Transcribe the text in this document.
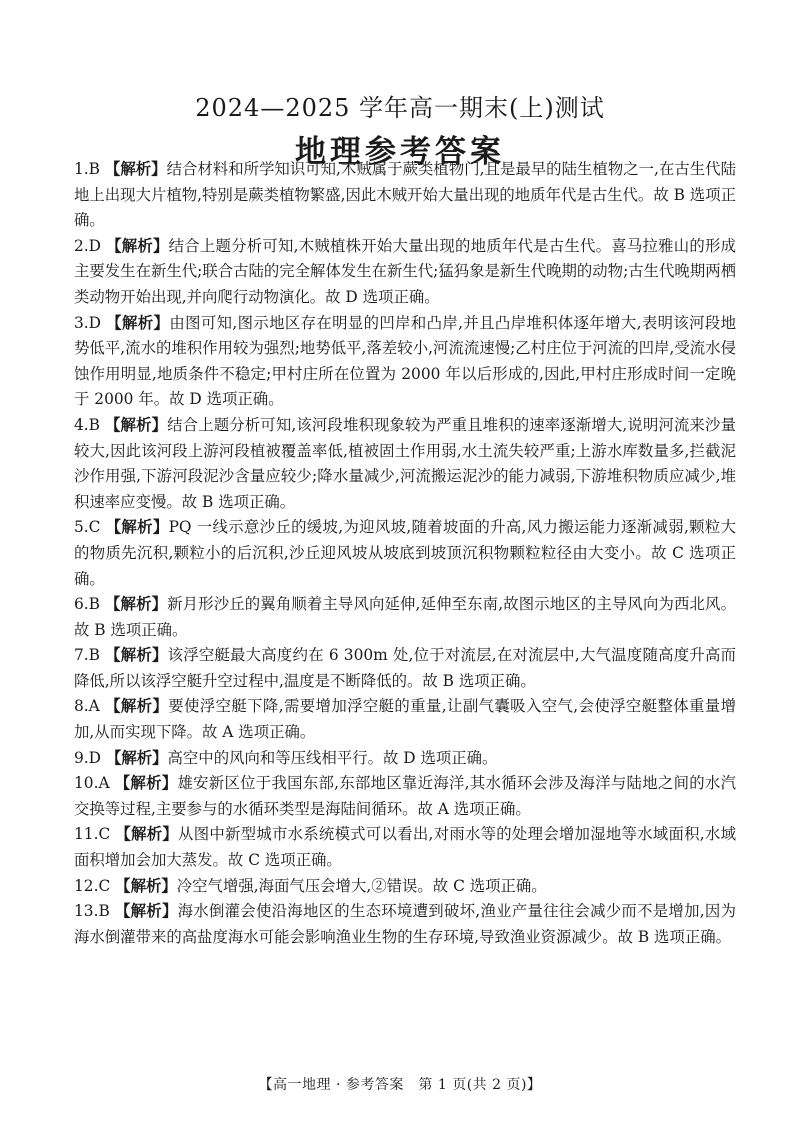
2024—2025 学年高一期末(上)测试
地理参考答案

1.B 【解析】结合材料和所学知识可知,木贼属于蕨类植物门,且是最早的陆生植物之一,在古生代陆地上出现大片植物,特别是蕨类植物繁盛,因此木贼开始大量出现的地质年代是古生代。故 B 选项正确。

2.D 【解析】结合上题分析可知,木贼植株开始大量出现的地质年代是古生代。喜马拉雅山的形成主要发生在新生代;联合古陆的完全解体发生在新生代;猛犸象是新生代晚期的动物;古生代晚期两栖类动物开始出现,并向爬行动物演化。故 D 选项正确。

3.D 【解析】由图可知,图示地区存在明显的凹岸和凸岸,并且凸岸堆积体逐年增大,表明该河段地势低平,流水的堆积作用较为强烈;地势低平,落差较小,河流流速慢;乙村庄位于河流的凹岸,受流水侵蚀作用明显,地质条件不稳定;甲村庄所在位置为 2000 年以后形成的,因此,甲村庄形成时间一定晚于 2000 年。故 D 选项正确。

4.B 【解析】结合上题分析可知,该河段堆积现象较为严重且堆积的速率逐渐增大,说明河流来沙量较大,因此该河段上游河段植被覆盖率低,植被固土作用弱,水土流失较严重;上游水库数量多,拦截泥沙作用强,下游河段泥沙含量应较少;降水量减少,河流搬运泥沙的能力减弱,下游堆积物质应减少,堆积速率应变慢。故 B 选项正确。

5.C 【解析】PQ 一线示意沙丘的缓坡,为迎风坡,随着坡面的升高,风力搬运能力逐渐减弱,颗粒大的物质先沉积,颗粒小的后沉积,沙丘迎风坡从坡底到坡顶沉积物颗粒粒径由大变小。故 C 选项正确。

6.B 【解析】新月形沙丘的翼角顺着主导风向延伸,延伸至东南,故图示地区的主导风向为西北风。故 B 选项正确。

7.B 【解析】该浮空艇最大高度约在 6 300m 处,位于对流层,在对流层中,大气温度随高度升高而降低,所以该浮空艇升空过程中,温度是不断降低的。故 B 选项正确。

8.A 【解析】要使浮空艇下降,需要增加浮空艇的重量,让副气囊吸入空气,会使浮空艇整体重量增加,从而实现下降。故 A 选项正确。

9.D 【解析】高空中的风向和等压线相平行。故 D 选项正确。

10.A 【解析】雄安新区位于我国东部,东部地区靠近海洋,其水循环会涉及海洋与陆地之间的水汽交换等过程,主要参与的水循环类型是海陆间循环。故 A 选项正确。

11.C 【解析】从图中新型城市水系统模式可以看出,对雨水等的处理会增加湿地等水域面积,水域面积增加会加大蒸发。故 C 选项正确。

12.C 【解析】冷空气增强,海面气压会增大,②错误。故 C 选项正确。

13.B 【解析】海水倒灌会使沿海地区的生态环境遭到破坏,渔业产量往往会减少而不是增加,因为海水倒灌带来的高盐度海水可能会影响渔业生物的生存环境,导致渔业资源减少。故 B 选项正确。

【高一地理 · 参考答案　第 1 页(共 2 页)】
